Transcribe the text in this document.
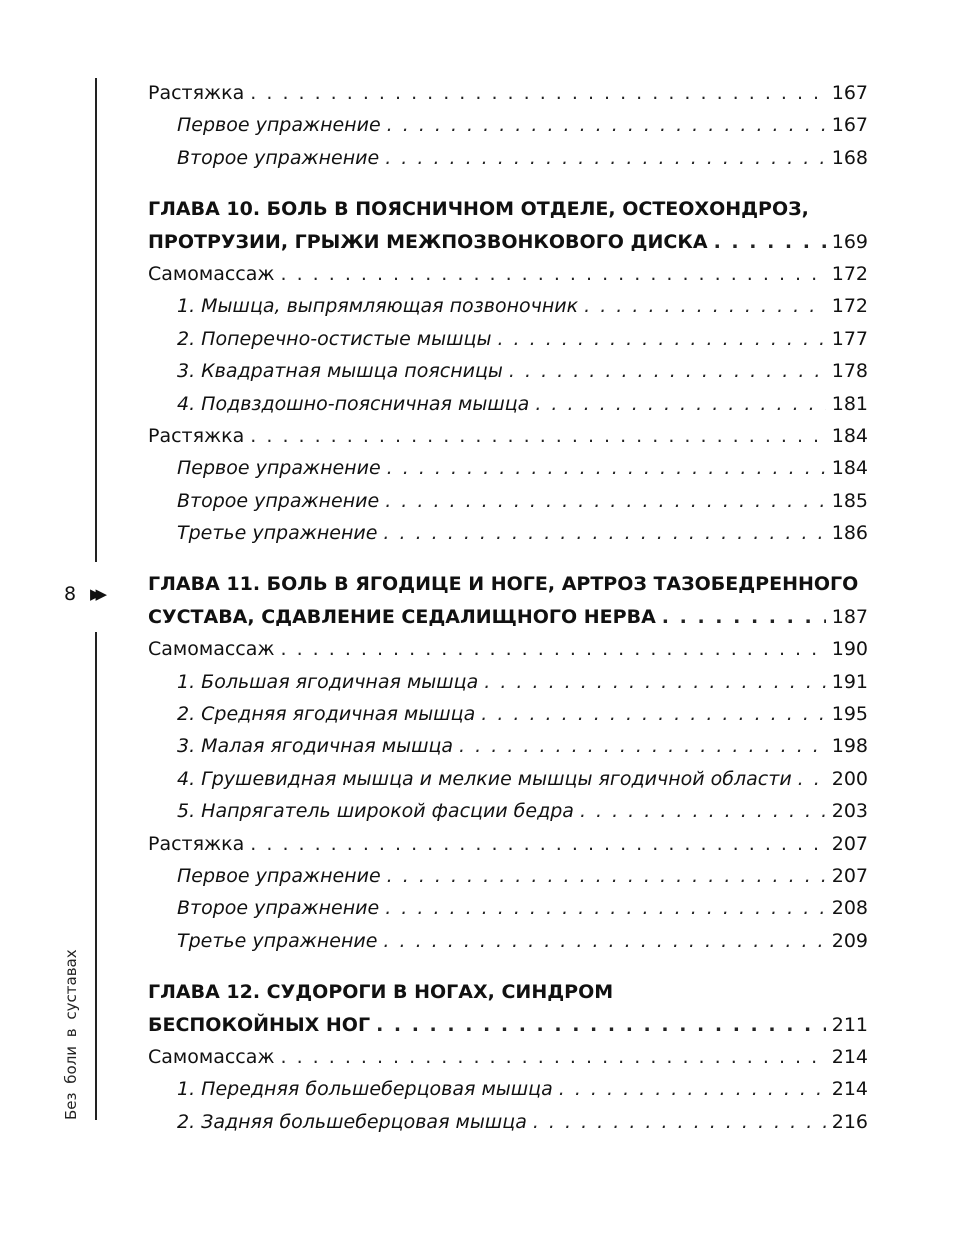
8 ▶▶
Без боли в суставах
Растяжка . . .	167
Первое упражнение . . .	167
Второе упражнение . . .	168
ГЛАВА 10. БОЛЬ В ПОЯСНИЧНОМ ОТДЕЛЕ, ОСТЕОХОНДРОЗ,
ПРОТРУЗИИ, ГРЫЖИ МЕЖПОЗВОНКОВОГО ДИСКА . . .	169
Самомассаж . . .	172
1. Мышца, выпрямляющая позвоночник . . .	172
2. Поперечно-остистые мышцы . . .	177
3. Квадратная мышца поясницы . . .	178
4. Подвздошно-поясничная мышца . . .	181
Растяжка . . .	184
Первое упражнение . . .	184
Второе упражнение . . .	185
Третье упражнение . . .	186
ГЛАВА 11. БОЛЬ В ЯГОДИЦЕ И НОГЕ, АРТРОЗ ТАЗОБЕДРЕННОГО
СУСТАВА, СДАВЛЕНИЕ СЕДАЛИЩНОГО НЕРВА . . .	187
Самомассаж . . .	190
1. Большая ягодичная мышца . . .	191
2. Средняя ягодичная мышца . . .	195
3. Малая ягодичная мышца . . .	198
4. Грушевидная мышца и мелкие мышцы ягодичной области . . . 200
5. Напрягатель широкой фасции бедра . . .	203
Растяжка . . .	207
Первое упражнение . . .	207
Второе упражнение . . .	208
Третье упражнение . . .	209
ГЛАВА 12. СУДОРОГИ В НОГАХ, СИНДРОМ
БЕСПОКОЙНЫХ НОГ . . .	211
Самомассаж . . .	214
1. Передняя большеберцовая мышца . . .	214
2. Задняя большеберцовая мышца . . .	216
